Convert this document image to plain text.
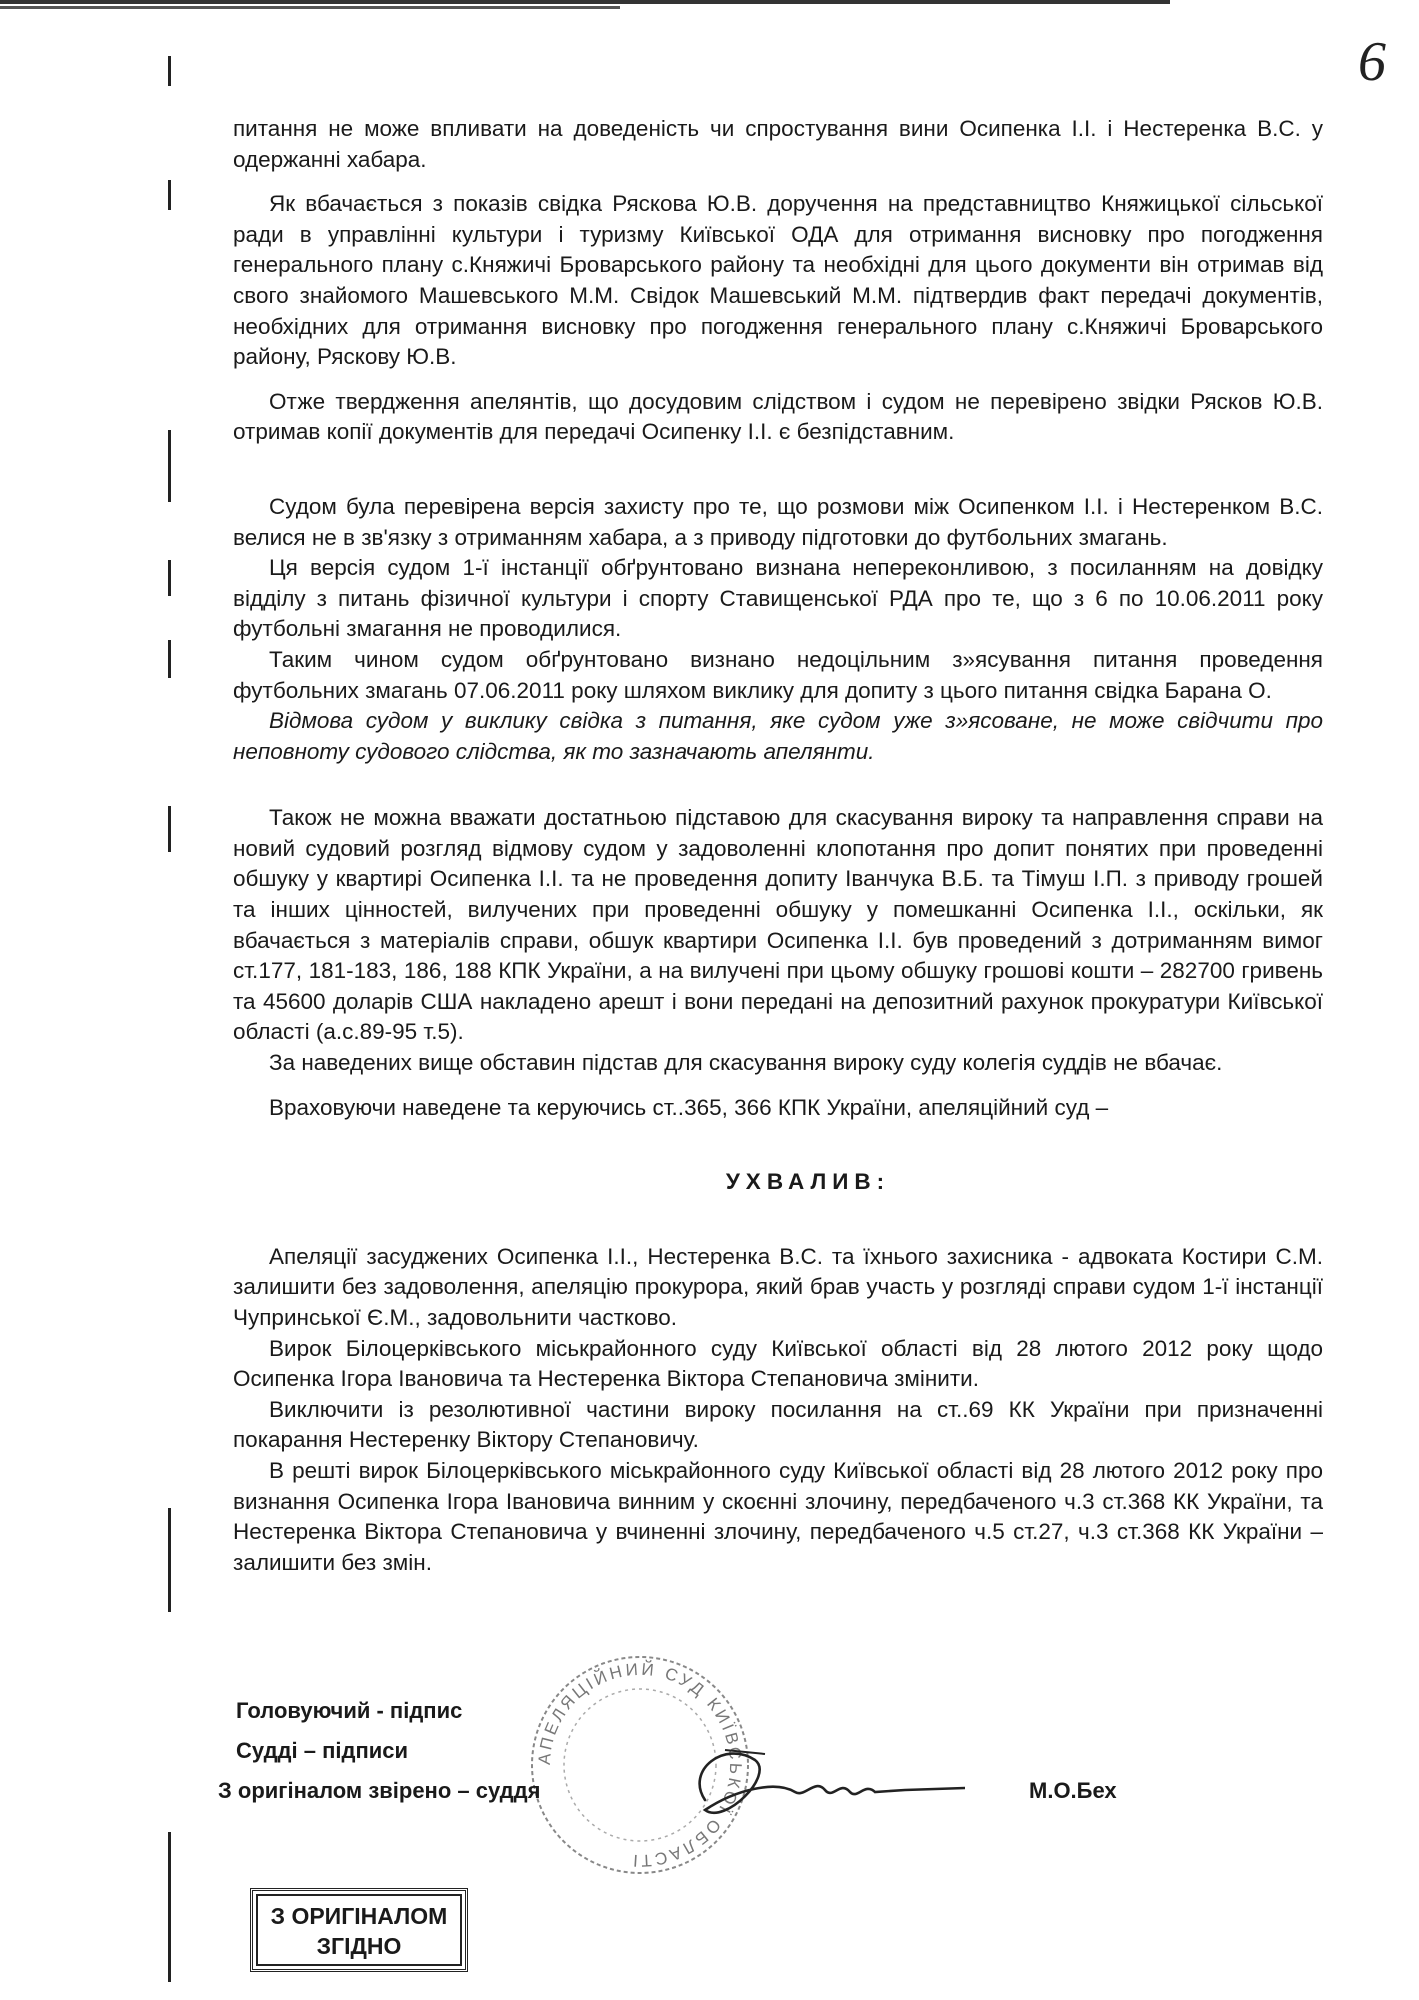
6

питання не може впливати на доведеність чи спростування вини Осипенка І.І. і Нестеренка В.С. у одержанні хабара.

Як вбачається з показів свідка Ряскова Ю.В. доручення на представництво Княжицької сільської ради в управлінні культури і туризму Київської ОДА для отримання висновку про погодження генерального плану с.Княжичі Броварського району та необхідні для цього документи він отримав від свого знайомого Машевського М.М. Свідок Машевський М.М. підтвердив факт передачі документів, необхідних для отримання висновку про погодження генерального плану с.Княжичі Броварського району, Ряскову Ю.В.

Отже твердження апелянтів, що досудовим слідством і судом не перевірено звідки Рясков Ю.В. отримав копії документів для передачі Осипенку І.І. є безпідставним.

Судом була перевірена версія захисту про те, що розмови між Осипенком І.І. і Нестеренком В.С. велися не в зв'язку з отриманням хабара, а з приводу підготовки до футбольних змагань.

Ця версія судом 1-ї інстанції обґрунтовано визнана непереконливою, з посиланням на довідку відділу з питань фізичної культури і спорту Ставищенської РДА про те, що з 6 по 10.06.2011 року футбольні змагання не проводилися.

Таким чином судом обґрунтовано визнано недоцільним з»ясування питання проведення футбольних змагань 07.06.2011 року шляхом виклику для допиту з цього питання свідка Барана О.

Відмова судом у виклику свідка з питання, яке судом уже з»ясоване, не може свідчити про неповноту судового слідства, як то зазначають апелянти.

Також не можна вважати достатньою підставою для скасування вироку та направлення справи на новий судовий розгляд відмову судом у задоволенні клопотання про допит понятих при проведенні обшуку у квартирі Осипенка І.І. та не проведення допиту Іванчука В.Б. та Тімуш І.П. з приводу грошей та інших цінностей, вилучених при проведенні обшуку у помешканні Осипенка І.І., оскільки, як вбачається з матеріалів справи, обшук квартири Осипенка І.І. був проведений з дотриманням вимог ст.177, 181-183, 186, 188 КПК України, а на вилучені при цьому обшуку грошові кошти – 282700 гривень та 45600 доларів США накладено арешт і вони передані на депозитний рахунок прокуратури Київської області (а.с.89-95 т.5).

За наведених вище обставин підстав для скасування вироку суду колегія суддів не вбачає.

Враховуючи наведене та керуючись ст..365, 366 КПК України, апеляційний суд –

УХВАЛИВ:

Апеляції засуджених Осипенка І.І., Нестеренка В.С. та їхнього захисника - адвоката Костири С.М. залишити без задоволення, апеляцію прокурора, який брав участь у розгляді справи судом 1-ї інстанції Чупринської Є.М., задовольнити частково.

Вирок Білоцерківського міськрайонного суду Київської області від 28 лютого 2012 року щодо Осипенка Ігора Івановича та Нестеренка Віктора Степановича змінити.

Виключити із резолютивної частини вироку посилання на ст..69 КК України при призначенні покарання Нестеренку Віктору Степановичу.

В решті вирок Білоцерківського міськрайонного суду Київської області від 28 лютого 2012 року про визнання Осипенка Ігора Івановича винним у скоєнні злочину, передбаченого ч.3 ст.368 КК України, та Нестеренка Віктора Степановича у вчиненні злочину, передбаченого ч.5 ст.27, ч.3 ст.368 КК України – залишити без змін.

АПЕЛЯЦІЙНИЙ СУД КИЇВСЬКОЇ ОБЛАСТІ
Головуючий - підпис
Судді – підписи
З оригіналом звірено – суддя	М.О.Бех
З ОРИГІНАЛОМ
ЗГІДНО
